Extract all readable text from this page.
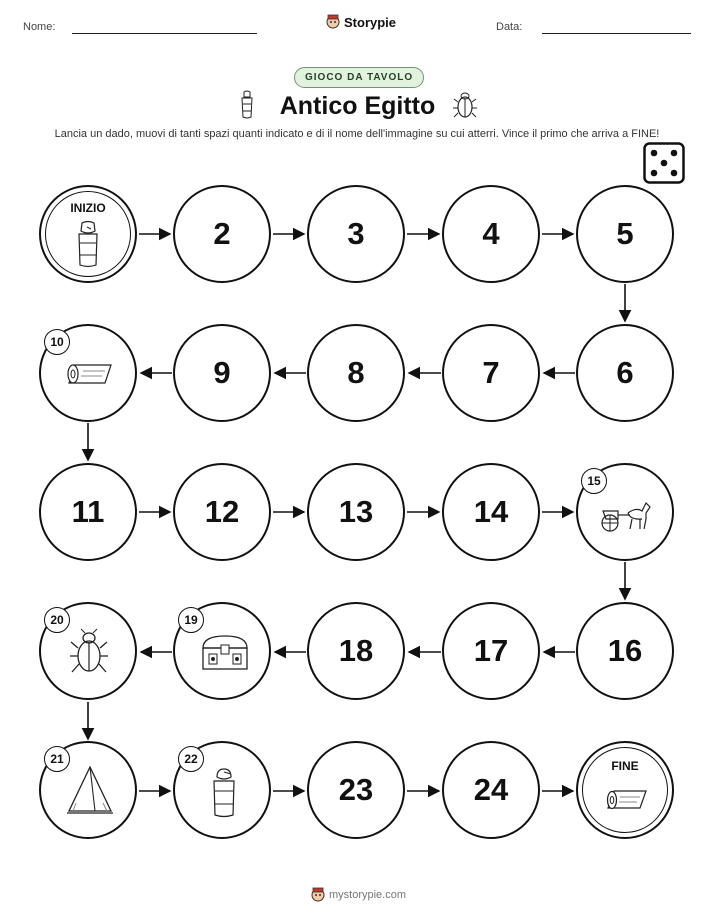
Nome:	Storypie	Data:
GIOCO DA TAVOLO
Antico Egitto
Lancia un dado, muovi di tanti spazi quanti indicato e di il nome dell'immagine su cui atterri. Vince il primo che arriva a FINE!
INIZIO
2	3	4	5
10
9	8	7	6
11	12	13	14
15
20	19
18	17	16
21	22
23	24
FINE
mystorypie.com
